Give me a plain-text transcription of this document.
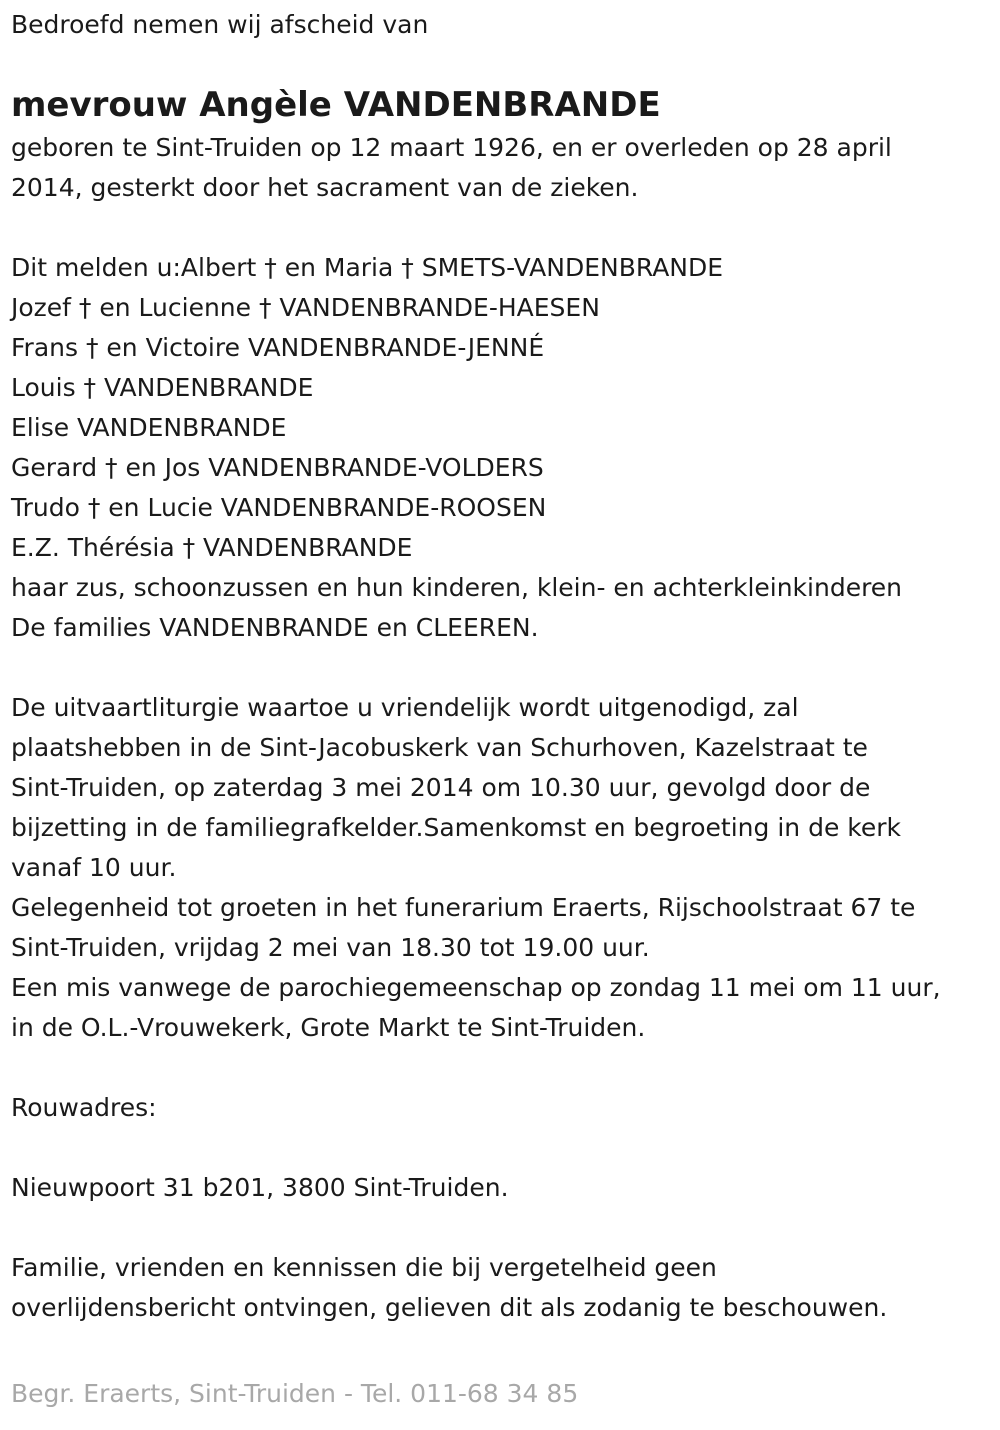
Bedroefd nemen wij afscheid van
mevrouw Angèle VANDENBRANDE
geboren te Sint-Truiden op 12 maart 1926, en er overleden op 28 april
2014, gesterkt door het sacrament van de zieken.
Dit melden u:Albert † en Maria † SMETS-VANDENBRANDE
Jozef † en Lucienne † VANDENBRANDE-HAESEN
Frans † en Victoire VANDENBRANDE-JENNÉ
Louis † VANDENBRANDE
Elise VANDENBRANDE
Gerard † en Jos VANDENBRANDE-VOLDERS
Trudo † en Lucie VANDENBRANDE-ROOSEN
E.Z. Thérésia † VANDENBRANDE
haar zus, schoonzussen en hun kinderen, klein- en achterkleinkinderen
De families VANDENBRANDE en CLEEREN.
De uitvaartliturgie waartoe u vriendelijk wordt uitgenodigd, zal
plaatshebben in de Sint-Jacobuskerk van Schurhoven, Kazelstraat te
Sint-Truiden, op zaterdag 3 mei 2014 om 10.30 uur, gevolgd door de
bijzetting in de familiegrafkelder.Samenkomst en begroeting in de kerk
vanaf 10 uur.
Gelegenheid tot groeten in het funerarium Eraerts, Rijschoolstraat 67 te
Sint-Truiden, vrijdag 2 mei van 18.30 tot 19.00 uur.
Een mis vanwege de parochiegemeenschap op zondag 11 mei om 11 uur,
in de O.L.-Vrouwekerk, Grote Markt te Sint-Truiden.
Rouwadres:
Nieuwpoort 31 b201, 3800 Sint-Truiden.
Familie, vrienden en kennissen die bij vergetelheid geen
overlijdensbericht ontvingen, gelieven dit als zodanig te beschouwen.
Begr. Eraerts, Sint-Truiden - Tel. 011-68 34 85
